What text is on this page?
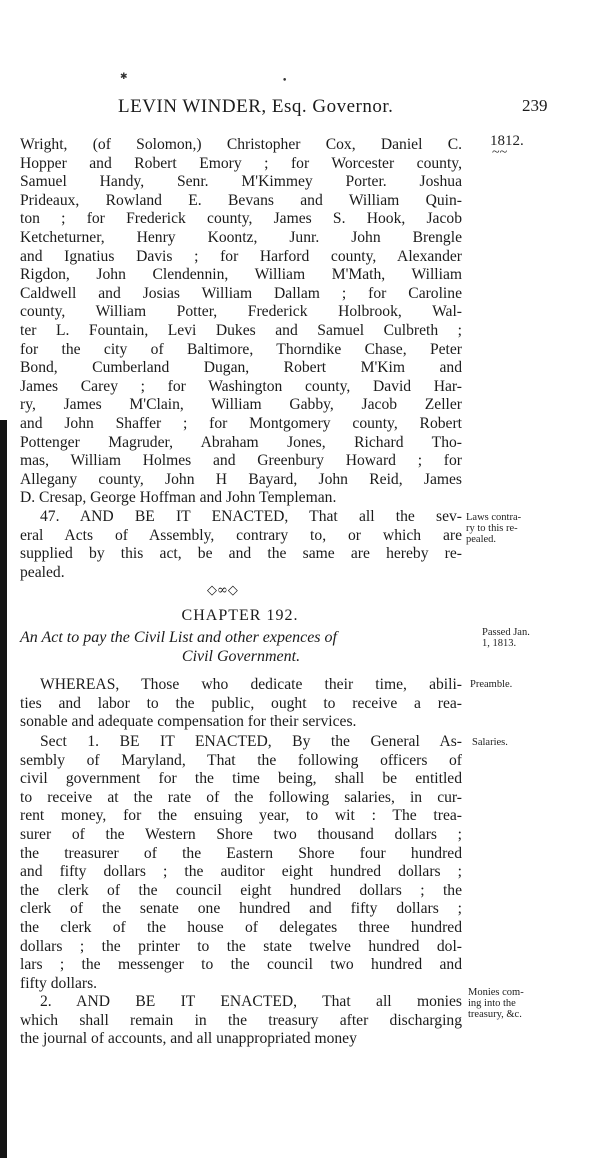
✱	•
LEVIN WINDER, Esq. Governor.	239
Wright, (of Solomon,) Christopher Cox, Daniel C.
Hopper and Robert Emory ; for Worcester county,
Samuel Handy, Senr. M'Kimmey Porter. Joshua
Prideaux, Rowland E. Bevans and William Quin-
ton ; for Frederick county, James S. Hook, Jacob
Ketcheturner, Henry Koontz, Junr. John Brengle
and Ignatius Davis ; for Harford county, Alexander
Rigdon, John Clendennin, William M'Math, William
Caldwell and Josias William Dallam ; for Caroline
county, William Potter, Frederick Holbrook, Wal-
ter L. Fountain, Levi Dukes and Samuel Culbreth ;
for the city of Baltimore, Thorndike Chase, Peter
Bond, Cumberland Dugan, Robert M'Kim and
James Carey ; for Washington county, David Har-
ry, James M'Clain, William Gabby, Jacob Zeller
and John Shaffer ; for Montgomery county, Robert
Pottenger Magruder, Abraham Jones, Richard Tho-
mas, William Holmes and Greenbury Howard ; for
Allegany county, John H Bayard, John Reid, James
D. Cresap, George Hoffman and John Templeman.
1812.
~~
47. AND BE IT ENACTED, That all the sev-
eral Acts of Assembly, contrary to, or which are
supplied by this act, be and the same are hereby re-
pealed.
Laws contra-
ry to this re-
pealed.
◇∞◇
CHAPTER 192.
An Act to pay the Civil List and other expences of
Civil Government.
Passed Jan.
1, 1813.
WHEREAS, Those who dedicate their time, abili-
ties and labor to the public, ought to receive a rea-
sonable and adequate compensation for their services.
Preamble.
Sect 1. BE IT ENACTED, By the General As-
sembly of Maryland, That the following officers of
civil government for the time being, shall be entitled
to receive at the rate of the following salaries, in cur-
rent money, for the ensuing year, to wit : The trea-
surer of the Western Shore two thousand dollars ;
the treasurer of the Eastern Shore four hundred
and fifty dollars ; the auditor eight hundred dollars ;
the clerk of the council eight hundred dollars ; the
clerk of the senate one hundred and fifty dollars ;
the clerk of the house of delegates three hundred
dollars ; the printer to the state twelve hundred dol-
lars ; the messenger to the council two hundred and
fifty dollars.
Salaries.
2. AND BE IT ENACTED, That all monies
which shall remain in the treasury after discharging
the journal of accounts, and all unappropriated money
Monies com-
ing into the
treasury, &c.
